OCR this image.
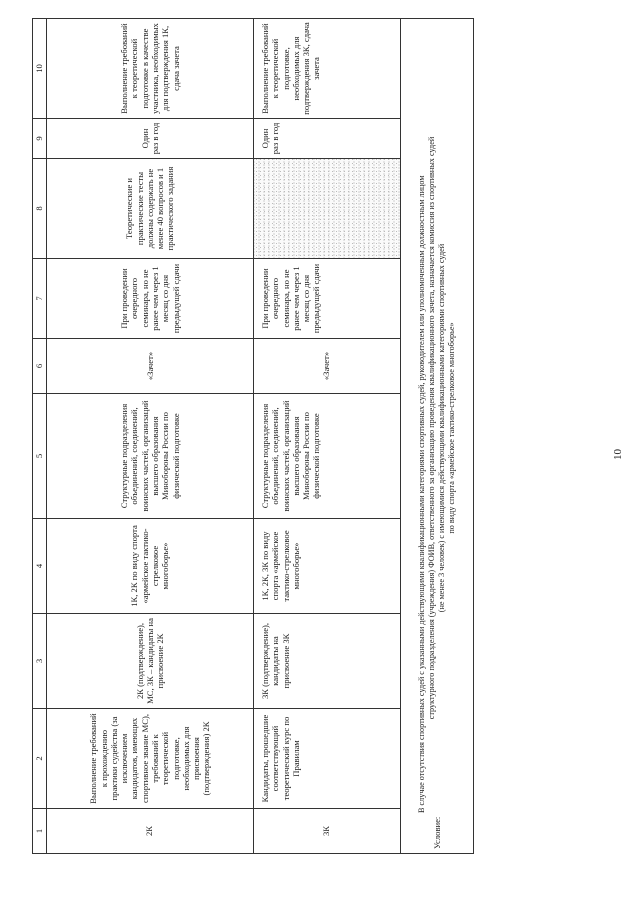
10
1	2	3	4	5	6	7	8	9	10
2К	Выполнение требований к прохождению практики судейства (за исключением кандидатов, имеющих спортивное звание МС), требований к теоретической подготовке, необходимых для присвоения (подтверждения) 2К	2К (подтверждение), МС, 3К – кандидаты на присвоение 2К	1К, 2К по виду спорта «армейское тактико-стрелковое многоборье»	Структурные подразделения объединений, соединений, воинских частей, организаций высшего образования Минобороны России по физической подготовке	«Зачет»	При проведении очередного семинара, но не ранее чем через 1 месяц со дня предыдущей сдачи	Теоретические и практические тесты должны содержать не менее 40 вопросов и 1 практического задания	Один раз в год	Выполнение требований к теоретической подготовке в качестве участника, необходимых для подтверждения 1К, сдача зачета
3К	Кандидаты, прошедшие соответствующий теоретический курс по Правилам	3К (подтверждение), кандидаты на присвоение 3К	1К, 2К, 3К по виду спорта «армейское тактико-стрелковое многоборье»	Структурные подразделения объединений, соединений, воинских частей, организаций высшего образования Минобороны России по физической подготовке	«Зачет»	При проведении очередного семинара, но не ранее чем через 1 месяц со дня предыдущей сдачи		Один раз в год	Выполнение требований к теоретической подготовке, необходимых для подтверждения 3К, сдача зачета
Условие:
В случае отсутствия спортивных судей с указанными действующими квалификационными категориями спортивных судей, руководителем или уполномоченным должностным лицом структурного подразделения (учреждения) ФОИВ, ответственного за организацию проведения квалификационного зачета, назначается комиссия из спортивных судей (не менее 3 человек) с имеющимися действующими квалификационными категориями спортивных судей по виду спорта «армейское тактико-стрелковое многоборье»									
